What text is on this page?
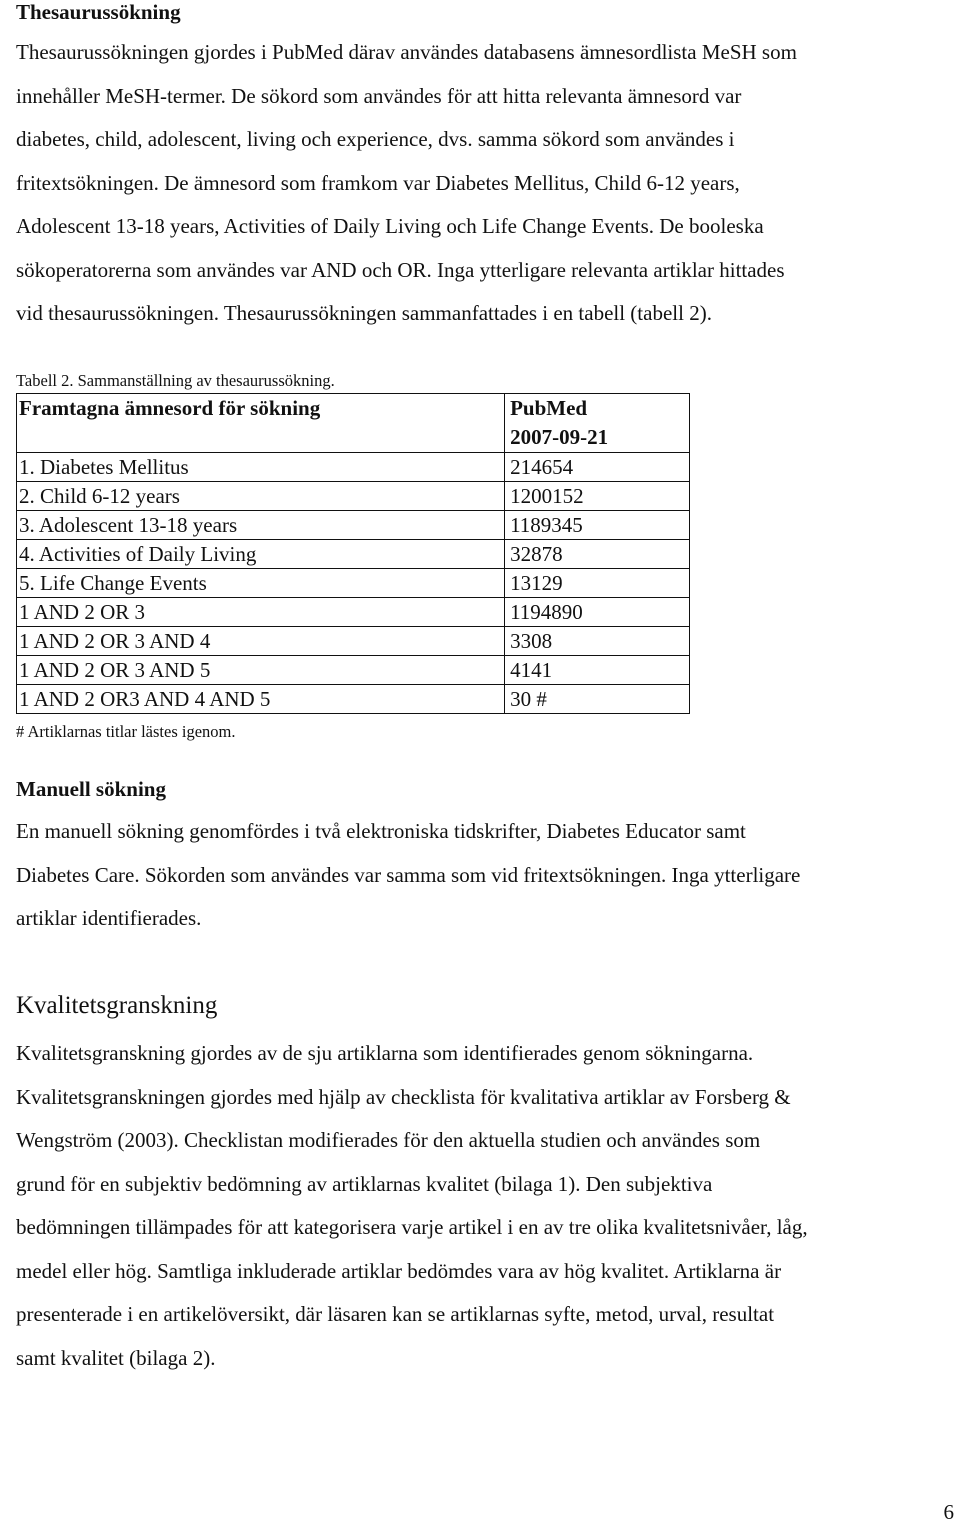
Thesaurussökning

Thesaurussökningen gjordes i PubMed därav användes databasens ämnesordlista MeSH som
innehåller MeSH-termer. De sökord som användes för att hitta relevanta ämnesord var
diabetes, child, adolescent, living och experience, dvs. samma sökord som användes i
fritextsökningen. De ämnesord som framkom var Diabetes Mellitus, Child 6-12 years,
Adolescent 13-18 years, Activities of Daily Living och Life Change Events. De booleska
sökoperatorerna som användes var AND och OR. Inga ytterligare relevanta artiklar hittades
vid thesaurussökningen. Thesaurussökningen sammanfattades i en tabell (tabell 2).

Tabell 2. Sammanställning av thesaurussökning.

Framtagna ämnesord för sökning	PubMed
2007-09-21

1. Diabetes Mellitus	214654
2. Child 6-12 years	1200152
3. Adolescent 13-18 years	1189345
4. Activities of Daily Living	32878
5. Life Change Events	13129
1 AND 2 OR 3	1194890
1 AND 2 OR 3 AND 4	3308
1 AND 2 OR 3 AND 5	4141
1 AND 2 OR3 AND 4 AND 5	30 #

# Artiklarnas titlar lästes igenom.

Manuell sökning

En manuell sökning genomfördes i två elektroniska tidskrifter, Diabetes Educator samt
Diabetes Care. Sökorden som användes var samma som vid fritextsökningen. Inga ytterligare
artiklar identifierades.

Kvalitetsgranskning

Kvalitetsgranskning gjordes av de sju artiklarna som identifierades genom sökningarna.
Kvalitetsgranskningen gjordes med hjälp av checklista för kvalitativa artiklar av Forsberg &
Wengström (2003). Checklistan modifierades för den aktuella studien och användes som
grund för en subjektiv bedömning av artiklarnas kvalitet (bilaga 1). Den subjektiva
bedömningen tillämpades för att kategorisera varje artikel i en av tre olika kvalitetsnivåer, låg,
medel eller hög. Samtliga inkluderade artiklar bedömdes vara av hög kvalitet. Artiklarna är
presenterade i en artikelöversikt, där läsaren kan se artiklarnas syfte, metod, urval, resultat
samt kvalitet (bilaga 2).

6
